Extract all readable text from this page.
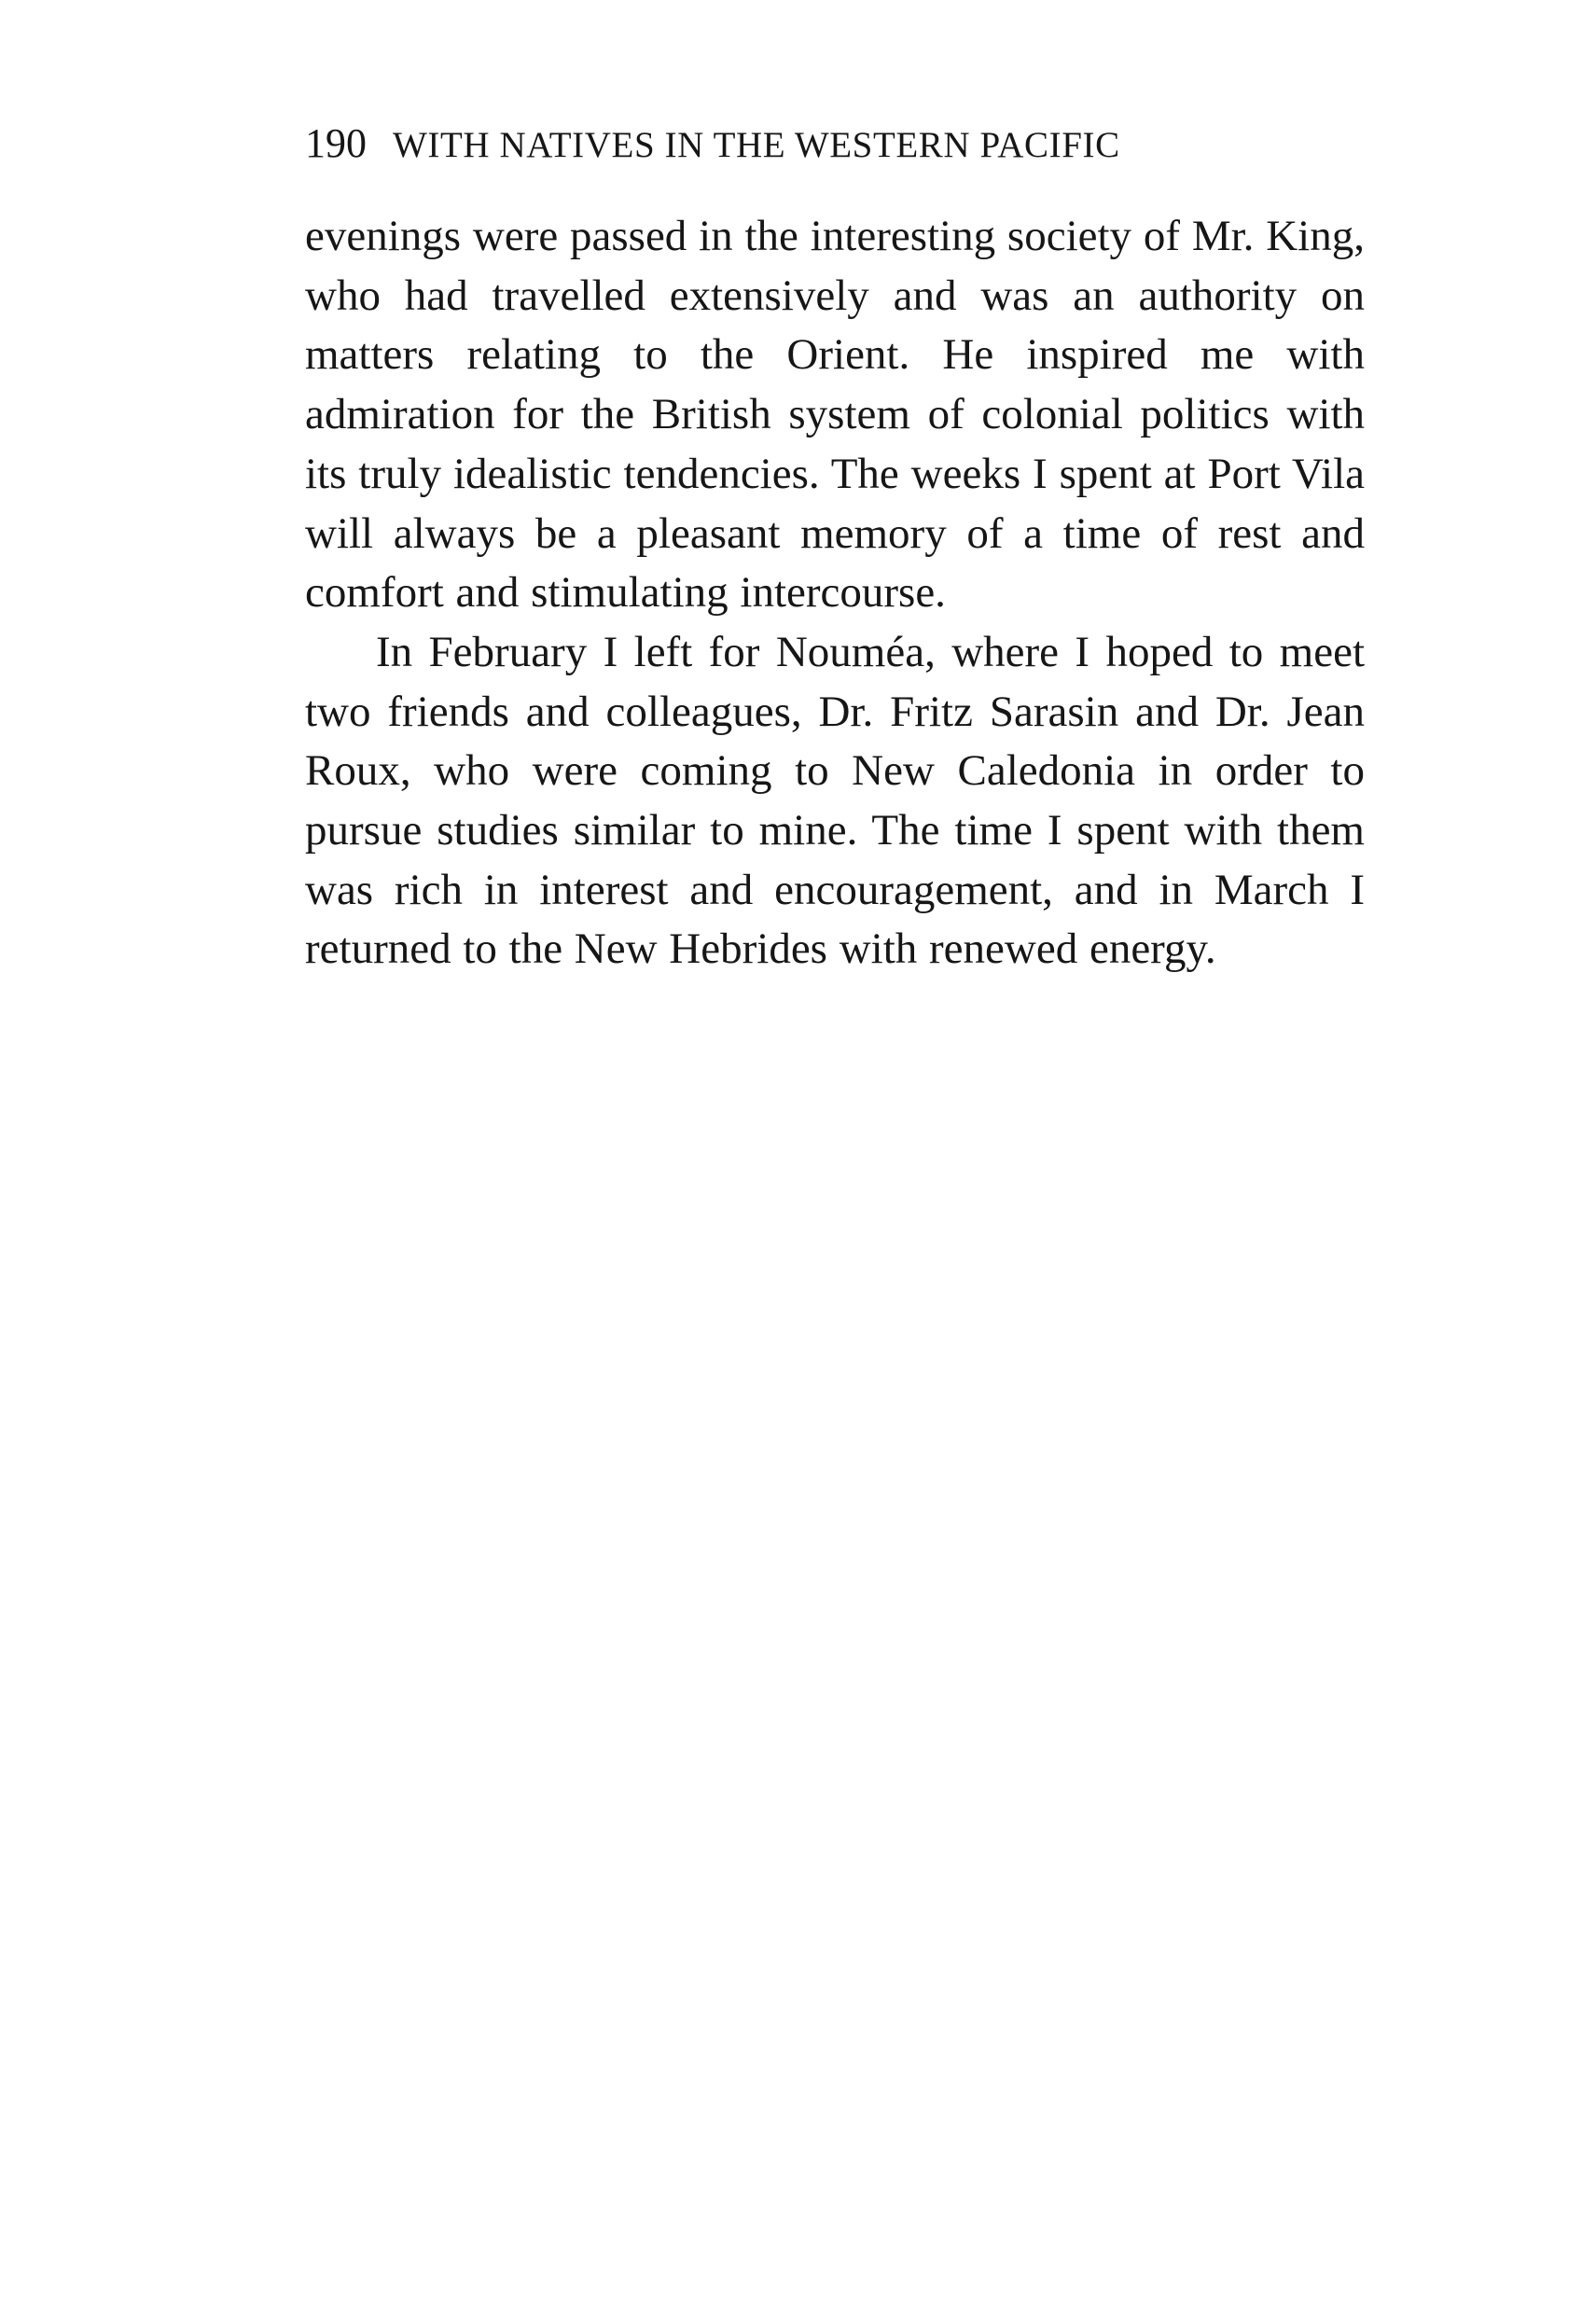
190 WITH NATIVES IN THE WESTERN PACIFIC

evenings were passed in the interesting society of Mr. King, who had travelled extensively and was an authority on matters relating to the Orient. He inspired me with admiration for the British system of colonial politics with its truly idealistic tendencies. The weeks I spent at Port Vila will always be a pleasant memory of a time of rest and comfort and stimulating intercourse.

In February I left for Nouméa, where I hoped to meet two friends and colleagues, Dr. Fritz Sarasin and Dr. Jean Roux, who were coming to New Caledonia in order to pursue studies similar to mine. The time I spent with them was rich in interest and encouragement, and in March I returned to the New Hebrides with renewed energy.
